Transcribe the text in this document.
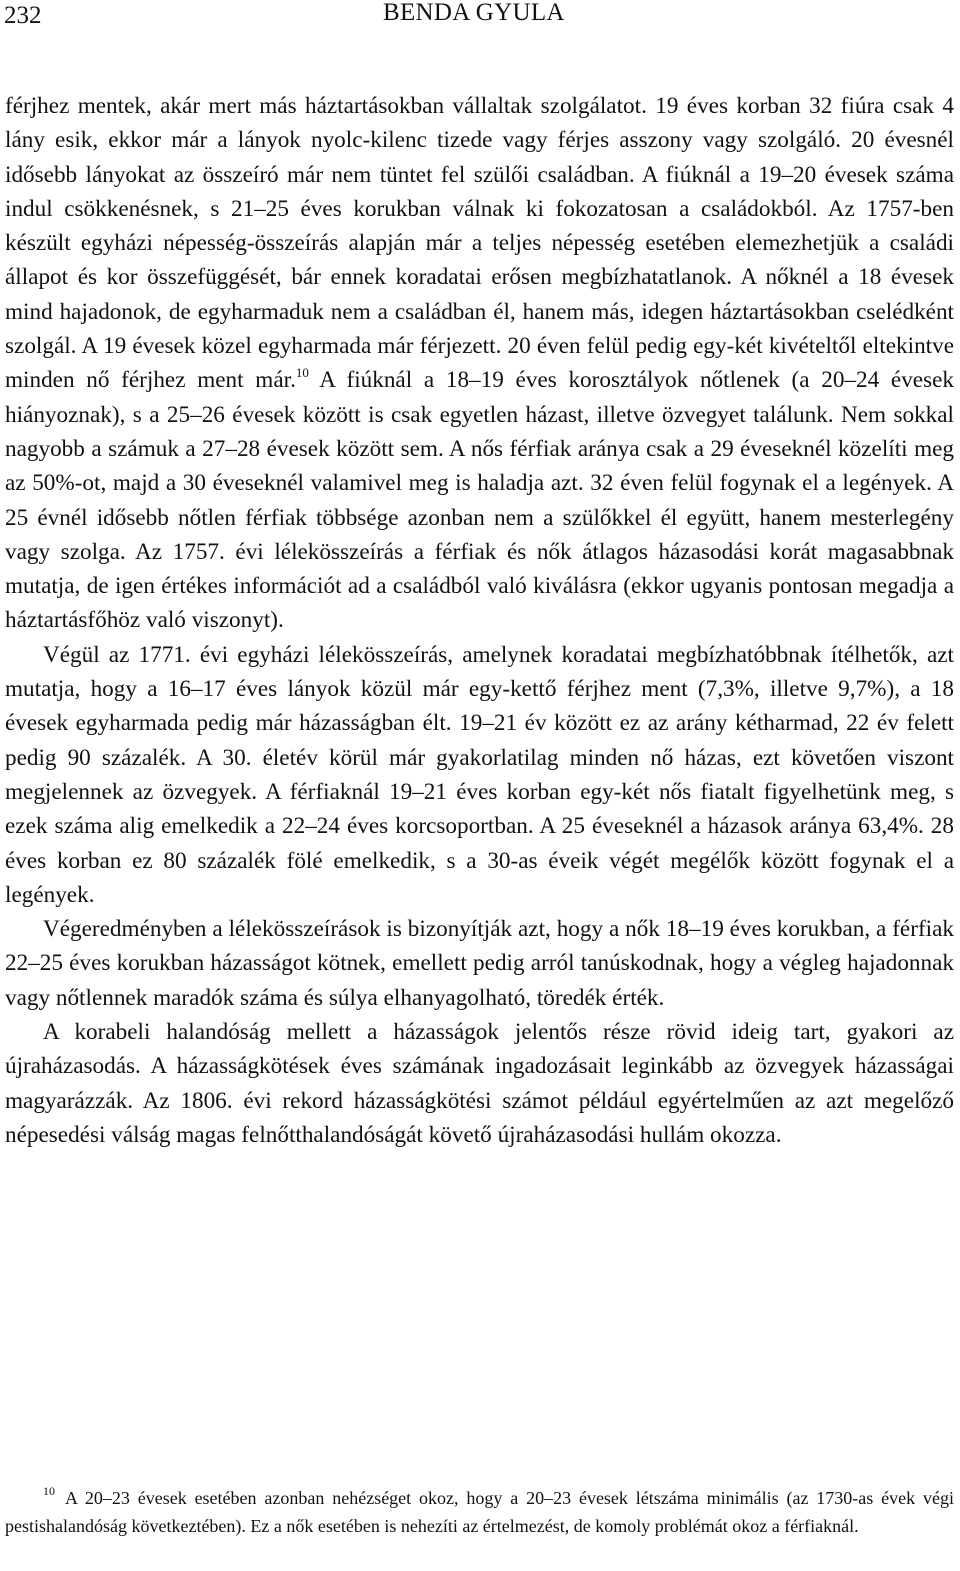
232	BENDA GYULA

férjhez mentek, akár mert más háztartásokban vállaltak szolgálatot. 19 éves korban 32 fiúra csak 4 lány esik, ekkor már a lányok nyolc-kilenc tizede vagy férjes asszony vagy szolgáló. 20 évesnél idősebb lányokat az összeíró már nem tüntet fel szülői családban. A fiúknál a 19–20 évesek száma indul csökkenésnek, s 21–25 éves korukban válnak ki fokozatosan a családokból. Az 1757-ben készült egyházi népesség-összeírás alapján már a teljes népesség esetében elemezhetjük a családi állapot és kor összefüggését, bár ennek koradatai erősen megbízhatatlanok. A nőknél a 18 évesek mind hajadonok, de egyharmaduk nem a családban él, hanem más, idegen háztartásokban cselédként szolgál. A 19 évesek közel egyharmada már férjezett. 20 éven felül pedig egy-két kivételtől eltekintve minden nő férjhez ment már.$^{10}$ A fiúknál a 18–19 éves korosztályok nőtlenek (a 20–24 évesek hiányoznak), s a 25–26 évesek között is csak egyetlen házast, illetve özvegyet találunk. Nem sokkal nagyobb a számuk a 27–28 évesek között sem. A nős férfiak aránya csak a 29 éveseknél közelíti meg az 50%-ot, majd a 30 éveseknél valamivel meg is haladja azt. 32 éven felül fogynak el a legények. A 25 évnél idősebb nőtlen férfiak többsége azonban nem a szülőkkel él együtt, hanem mesterlegény vagy szolga. Az 1757. évi lélekösszeírás a férfiak és nők átlagos házasodási korát magasabbnak mutatja, de igen értékes információt ad a családból való kiválásra (ekkor ugyanis pontosan megadja a háztartásfőhöz való viszonyt).

Végül az 1771. évi egyházi lélekösszeírás, amelynek koradatai megbízhatóbbnak ítélhetők, azt mutatja, hogy a 16–17 éves lányok közül már egy-kettő férjhez ment (7,3%, illetve 9,7%), a 18 évesek egyharmada pedig már házasságban élt. 19–21 év között ez az arány kétharmad, 22 év felett pedig 90 százalék. A 30. életév körül már gyakorlatilag minden nő házas, ezt követően viszont megjelennek az özvegyek. A férfiaknál 19–21 éves korban egy-két nős fiatalt figyelhetünk meg, s ezek száma alig emelkedik a 22–24 éves korcsoportban. A 25 éveseknél a házasok aránya 63,4%. 28 éves korban ez 80 százalék fölé emelkedik, s a 30-as éveik végét megélők között fogynak el a legények.

Végeredményben a lélekösszeírások is bizonyítják azt, hogy a nők 18–19 éves korukban, a férfiak 22–25 éves korukban házasságot kötnek, emellett pedig arról tanúskodnak, hogy a végleg hajadonnak vagy nőtlennek maradók száma és súlya elhanyagolható, töredék érték.

A korabeli halandóság mellett a házasságok jelentős része rövid ideig tart, gyakori az újraházasodás. A házasságkötések éves számának ingadozásait leginkább az özvegyek házasságai magyarázzák. Az 1806. évi rekord házasságkötési számot például egyértelműen az azt megelőző népesedési válság magas felnőtthalandóságát követő újraházasodási hullám okozza.

10 A 20–23 évesek esetében azonban nehézséget okoz, hogy a 20–23 évesek létszáma minimális (az 1730-as évek végi pestishalandóság következtében). Ez a nők esetében is nehezíti az értelmezést, de komoly problémát okoz a férfiaknál.
